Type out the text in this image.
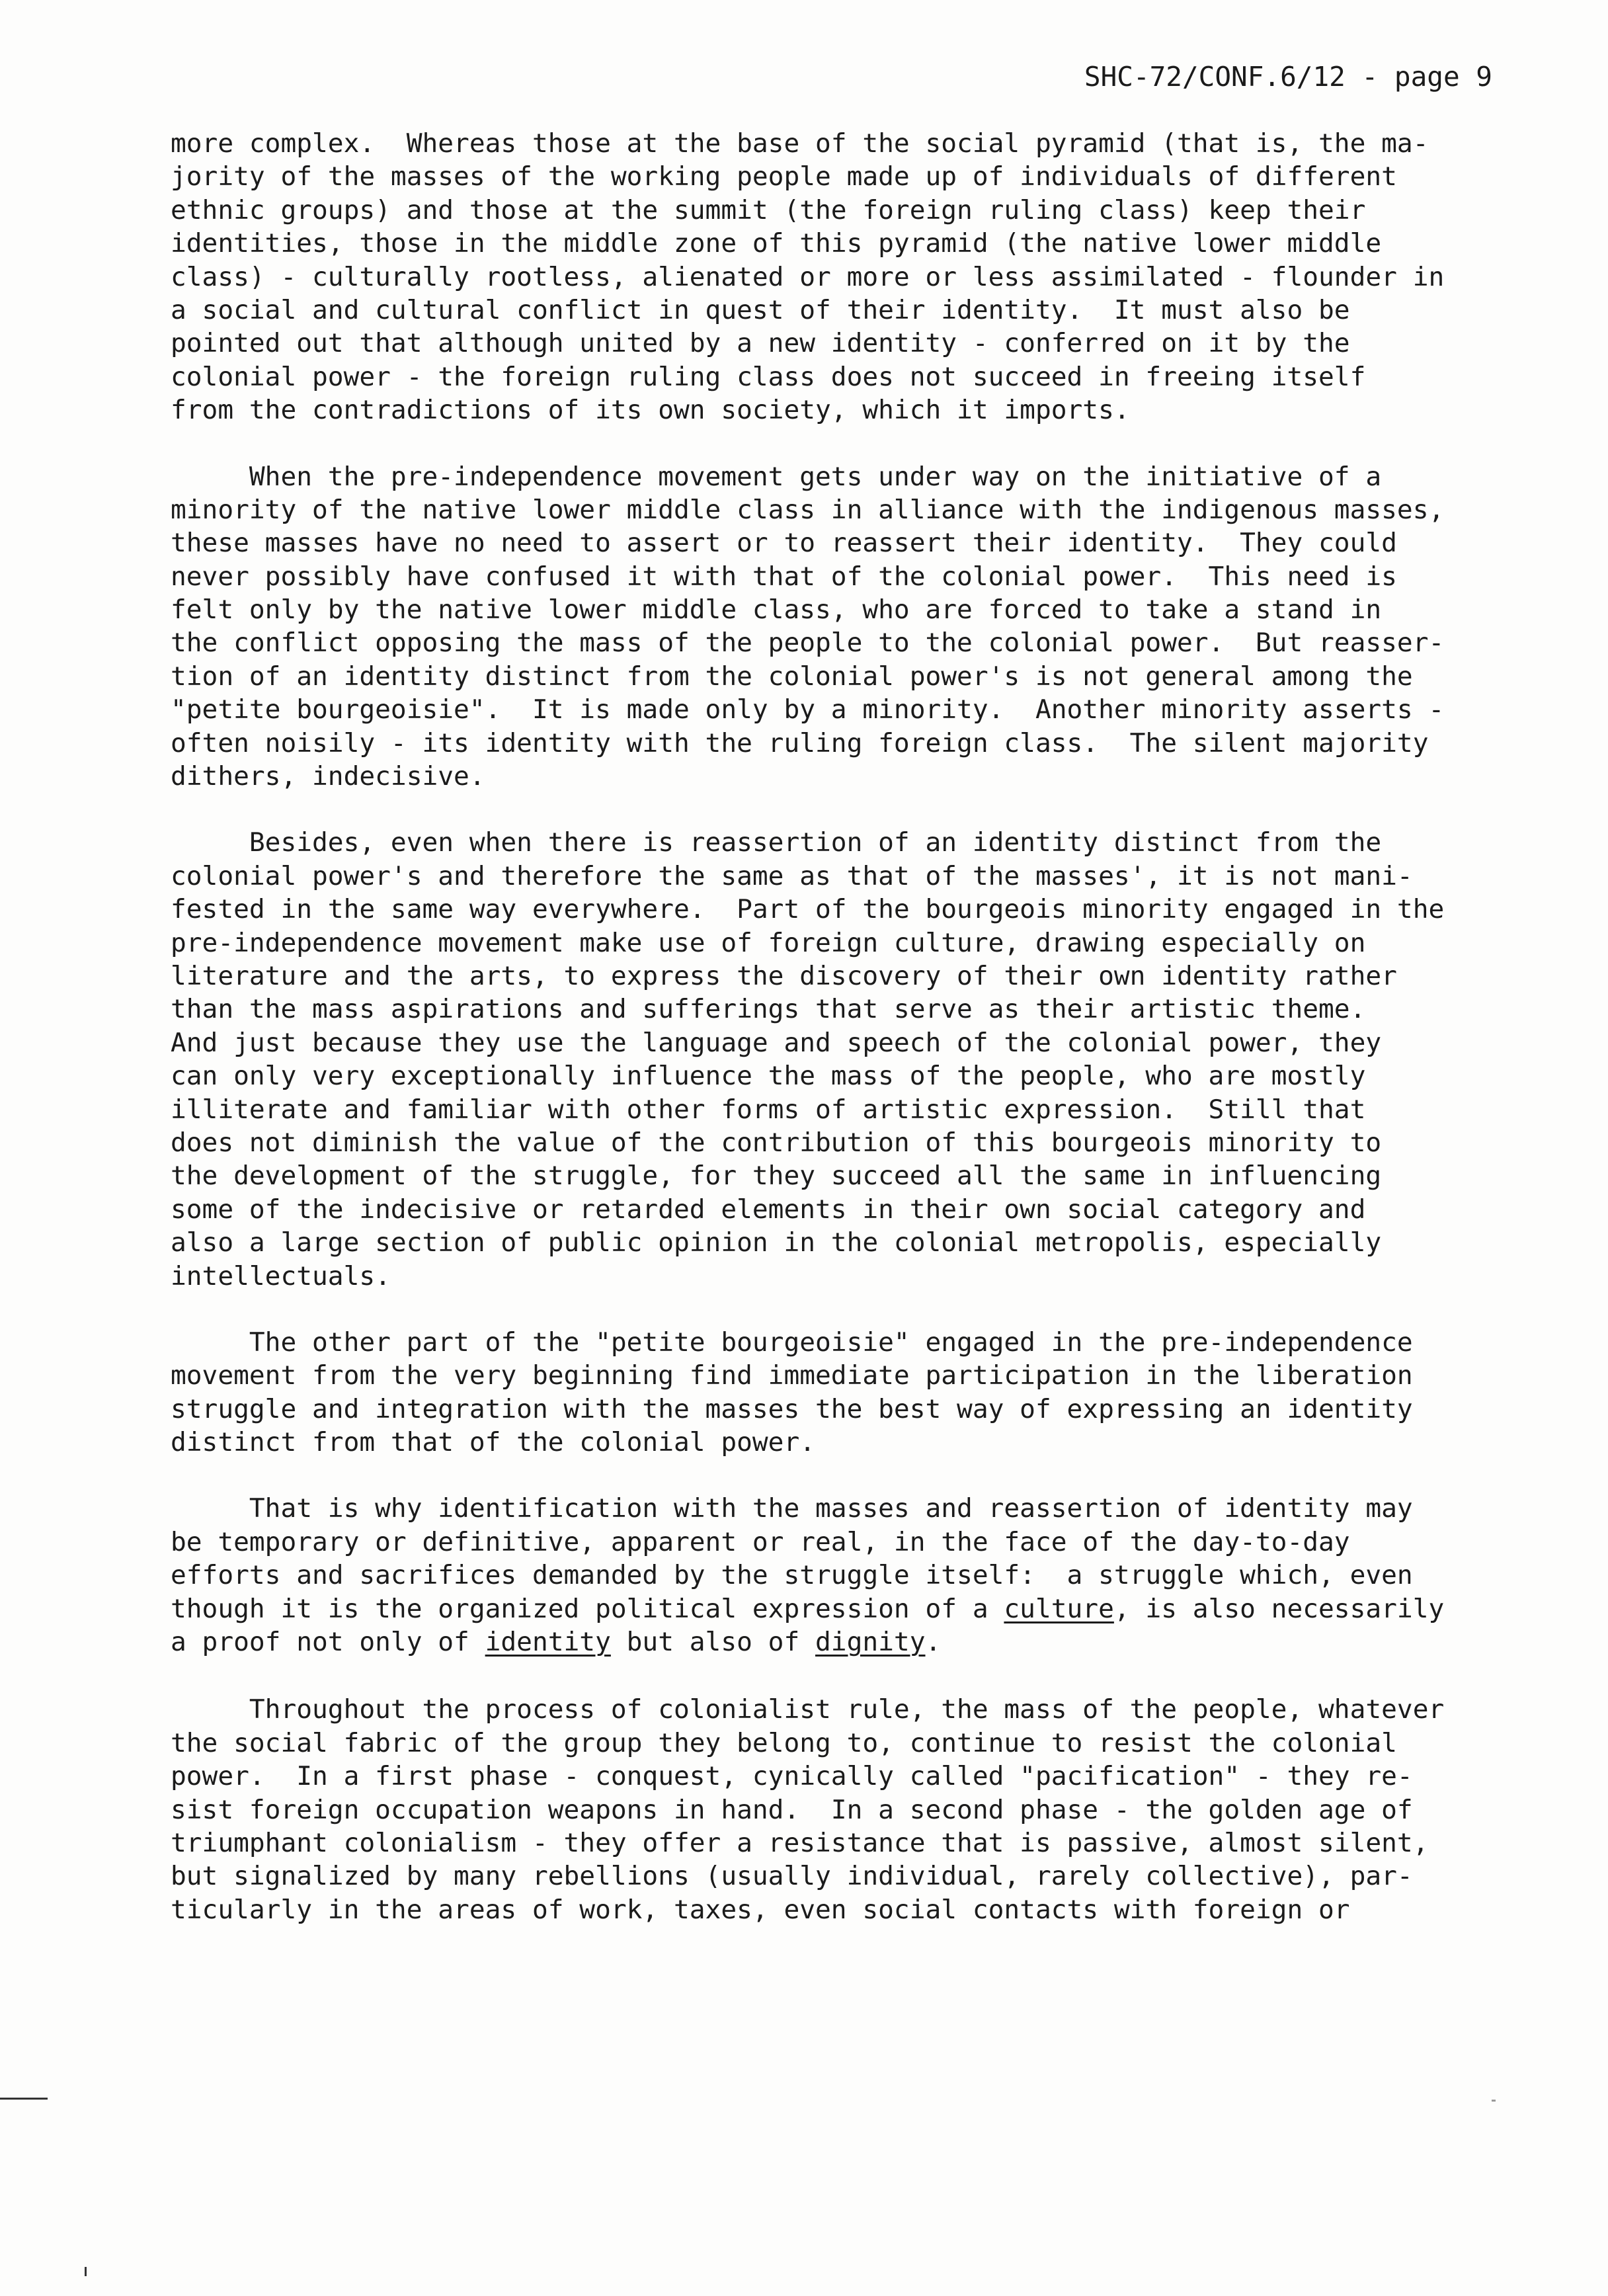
SHC-72/CONF.6/12 - page 9
more complex.  Whereas those at the base of the social pyramid (that is, the ma-
jority of the masses of the working people made up of individuals of different
ethnic groups) and those at the summit (the foreign ruling class) keep their
identities, those in the middle zone of this pyramid (the native lower middle
class) - culturally rootless, alienated or more or less assimilated - flounder in
a social and cultural conflict in quest of their identity.  It must also be
pointed out that although united by a new identity - conferred on it by the
colonial power - the foreign ruling class does not succeed in freeing itself
from the contradictions of its own society, which it imports.
When the pre-independence movement gets under way on the initiative of a
minority of the native lower middle class in alliance with the indigenous masses,
these masses have no need to assert or to reassert their identity.  They could
never possibly have confused it with that of the colonial power.  This need is
felt only by the native lower middle class, who are forced to take a stand in
the conflict opposing the mass of the people to the colonial power.  But reasser-
tion of an identity distinct from the colonial power's is not general among the
"petite bourgeoisie".  It is made only by a minority.  Another minority asserts -
often noisily - its identity with the ruling foreign class.  The silent majority
dithers, indecisive.
Besides, even when there is reassertion of an identity distinct from the
colonial power's and therefore the same as that of the masses', it is not mani-
fested in the same way everywhere.  Part of the bourgeois minority engaged in the
pre-independence movement make use of foreign culture, drawing especially on
literature and the arts, to express the discovery of their own identity rather
than the mass aspirations and sufferings that serve as their artistic theme.
And just because they use the language and speech of the colonial power, they
can only very exceptionally influence the mass of the people, who are mostly
illiterate and familiar with other forms of artistic expression.  Still that
does not diminish the value of the contribution of this bourgeois minority to
the development of the struggle, for they succeed all the same in influencing
some of the indecisive or retarded elements in their own social category and
also a large section of public opinion in the colonial metropolis, especially
intellectuals.
The other part of the "petite bourgeoisie" engaged in the pre-independence
movement from the very beginning find immediate participation in the liberation
struggle and integration with the masses the best way of expressing an identity
distinct from that of the colonial power.
That is why identification with the masses and reassertion of identity may
be temporary or definitive, apparent or real, in the face of the day-to-day
efforts and sacrifices demanded by the struggle itself:  a struggle which, even
though it is the organized political expression of a culture, is also necessarily
a proof not only of identity but also of dignity.
Throughout the process of colonialist rule, the mass of the people, whatever
the social fabric of the group they belong to, continue to resist the colonial
power.  In a first phase - conquest, cynically called "pacification" - they re-
sist foreign occupation weapons in hand.  In a second phase - the golden age of
triumphant colonialism - they offer a resistance that is passive, almost silent,
but signalized by many rebellions (usually individual, rarely collective), par-
ticularly in the areas of work, taxes, even social contacts with foreign or
